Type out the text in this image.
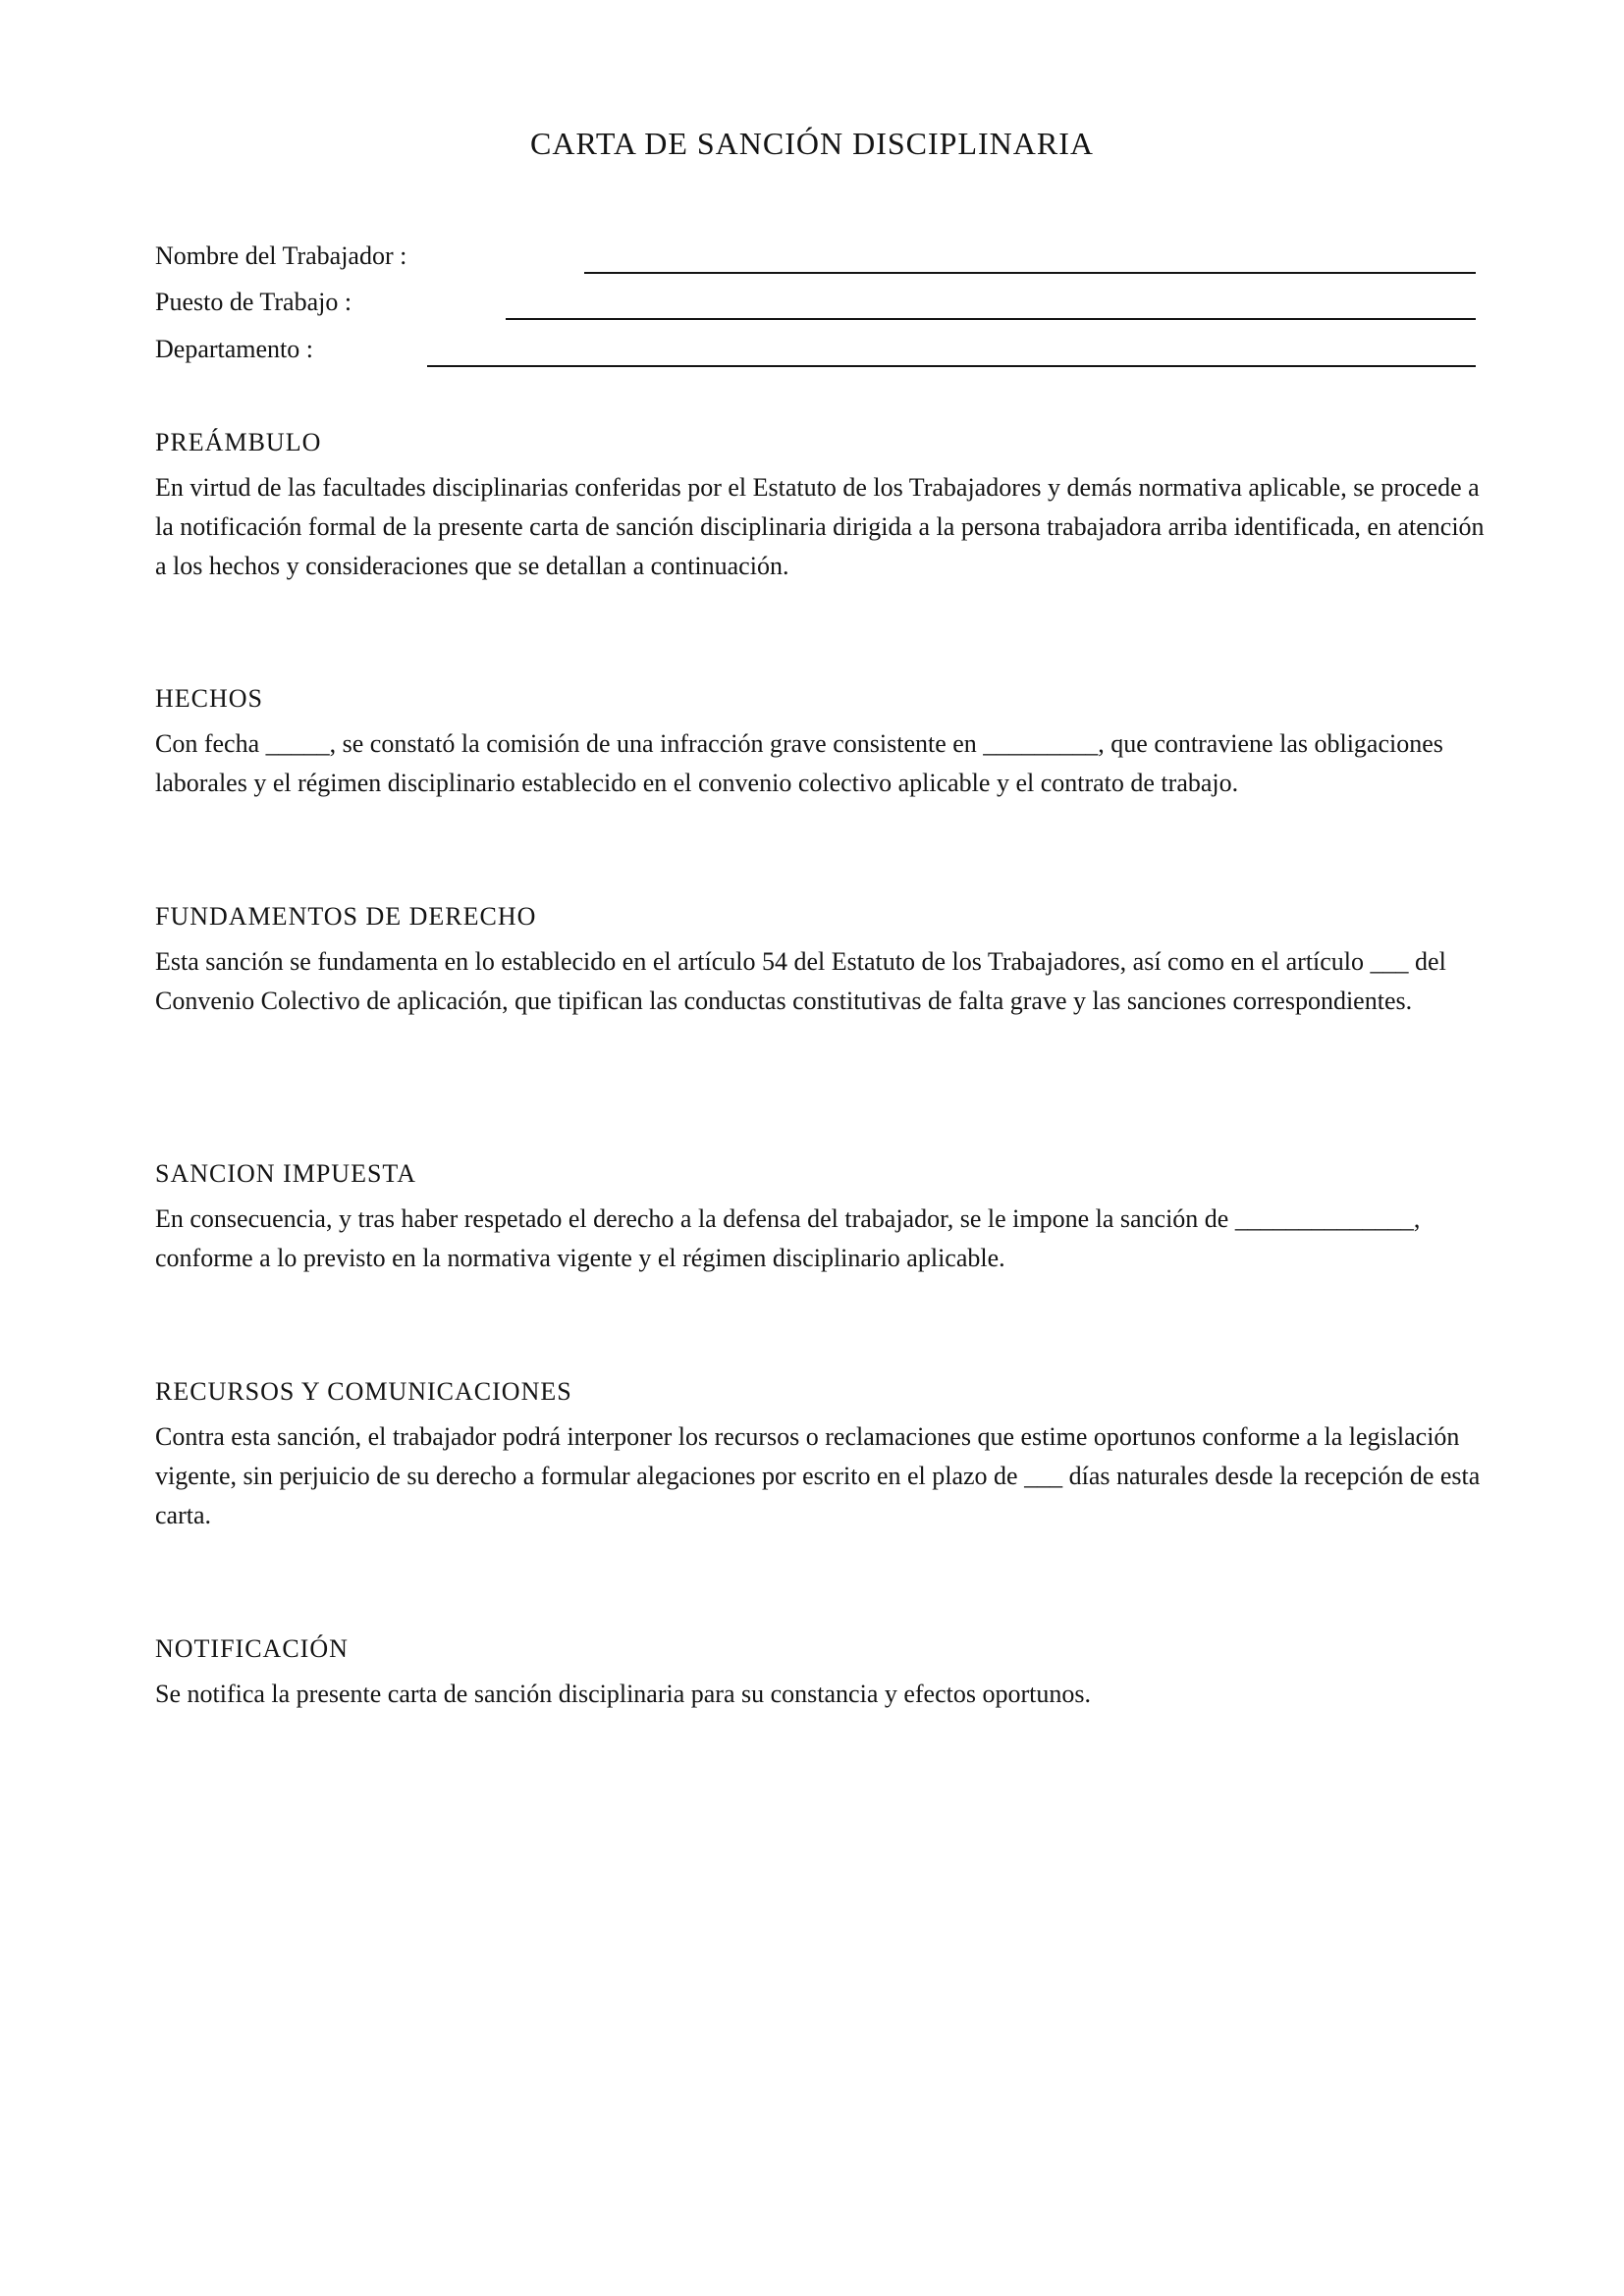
CARTA DE SANCIÓN DISCIPLINARIA
Nombre del Trabajador :
Puesto de Trabajo :
Departamento :
PREÁMBULO

En virtud de las facultades disciplinarias conferidas por el Estatuto de los Trabajadores y demás normativa aplicable, se procede a la notificación formal de la presente carta de sanción disciplinaria dirigida a la persona trabajadora arriba identificada, en atención a los hechos y consideraciones que se detallan a continuación.

HECHOS

Con fecha _____, se constató la comisión de una infracción grave consistente en _________, que contraviene las obligaciones laborales y el régimen disciplinario establecido en el convenio colectivo aplicable y el contrato de trabajo.

FUNDAMENTOS DE DERECHO

Esta sanción se fundamenta en lo establecido en el artículo 54 del Estatuto de los Trabajadores, así como en el artículo ___ del Convenio Colectivo de aplicación, que tipifican las conductas constitutivas de falta grave y las sanciones correspondientes.

SANCION IMPUESTA

En consecuencia, y tras haber respetado el derecho a la defensa del trabajador, se le impone la sanción de ______________, conforme a lo previsto en la normativa vigente y el régimen disciplinario aplicable.

RECURSOS Y COMUNICACIONES

Contra esta sanción, el trabajador podrá interponer los recursos o reclamaciones que estime oportunos conforme a la legislación vigente, sin perjuicio de su derecho a formular alegaciones por escrito en el plazo de ___ días naturales desde la recepción de esta carta.

NOTIFICACIÓN

Se notifica la presente carta de sanción disciplinaria para su constancia y efectos oportunos.
